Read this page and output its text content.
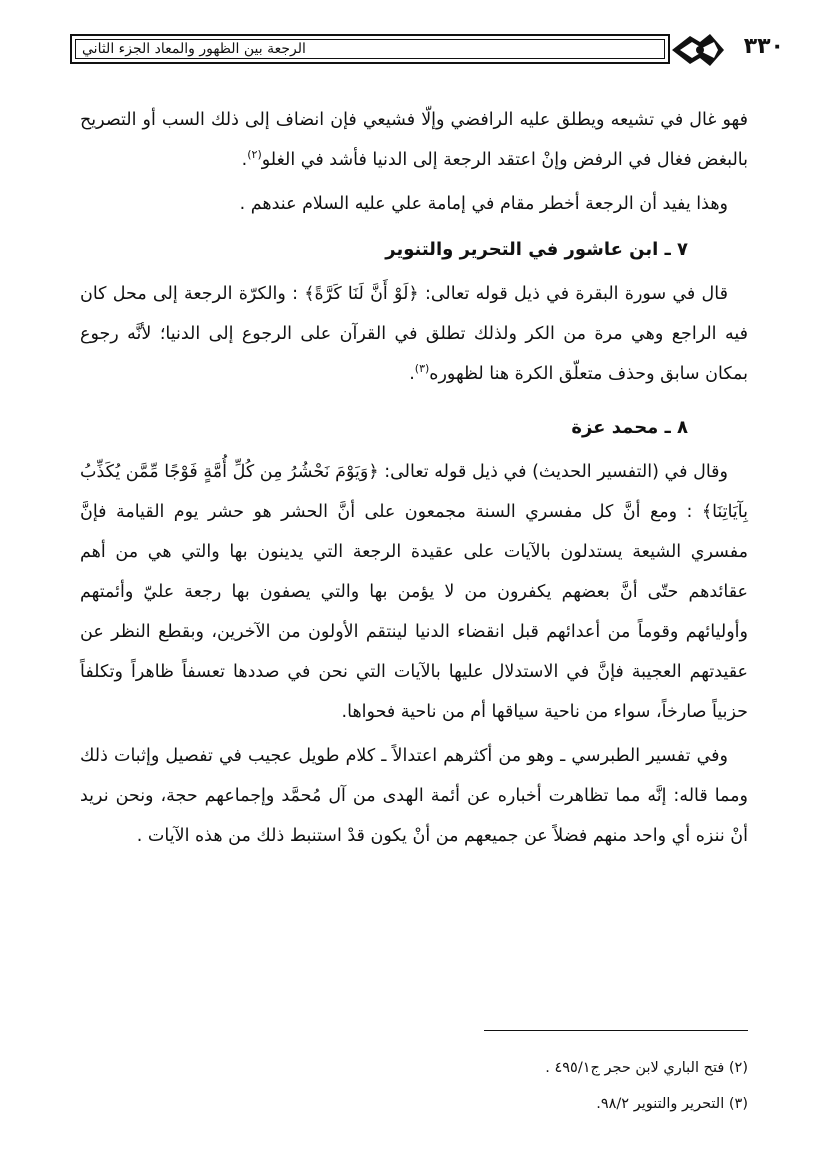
الرجعة بين الظهور والمعاد الجزء الثاني	٣٣٠

فهو غال في تشيعه ويطلق عليه الرافضي وإلّا فشيعي فإن انضاف إلى ذلك السب أو التصريح بالبغض فغال في الرفض وإنْ اعتقد الرجعة إلى الدنيا فأشد في الغلو$^{(٢)}$.

وهذا يفيد أن الرجعة أخطر مقام في إمامة علي عليه السلام عندهم .

٧ ـ ابن عاشور في التحرير والتنوير

قال في سورة البقرة في ذيل قوله تعالى: ﴿لَوْ أَنَّ لَنَا كَرَّةً﴾ : والكرّة الرجعة إلى محل كان فيه الراجع وهي مرة من الكر ولذلك تطلق في القرآن على الرجوع إلى الدنيا؛ لأنَّه رجوع بمكان سابق وحذف متعلّق الكرة هنا لظهوره$^{(٣)}$.

٨ ـ محمد عزة

وقال في (التفسير الحديث) في ذيل قوله تعالى: ﴿وَيَوْمَ نَحْشُرُ مِن كُلِّ أُمَّةٍ فَوْجًا مِّمَّن يُكَذِّبُ بِآيَاتِنَا﴾ : ومع أنَّ كل مفسري السنة مجمعون على أنَّ الحشر هو حشر يوم القيامة فإنَّ مفسري الشيعة يستدلون بالآيات على عقيدة الرجعة التي يدينون بها والتي هي من أهم عقائدهم حتّى أنَّ بعضهم يكفرون من لا يؤمن بها والتي يصفون بها رجعة عليّ وأئمتهم وأوليائهم وقوماً من أعدائهم قبل انقضاء الدنيا لينتقم الأولون من الآخرين، وبقطع النظر عن عقيدتهم العجيبة فإنَّ في الاستدلال عليها بالآيات التي نحن في صددها تعسفاً ظاهراً وتكلفاً حزبياً صارخاً، سواء من ناحية سياقها أم من ناحية فحواها.

وفي تفسير الطبرسي ـ وهو من أكثرهم اعتدالاً ـ كلام طويل عجيب في تفصيل وإثبات ذلك ومما قاله: إنَّه مما تظاهرت أخباره عن أئمة الهدى من آل مُحمَّد وإجماعهم حجة، ونحن نريد أنْ ننزه أي واحد منهم فضلاً عن جميعهم من أنْ يكون قدْ استنبط ذلك من هذه الآيات .

(٢) فتح الباري لابن حجر ج٤٩٥/١ .
(٣) التحرير والتنوير ٩٨/٢.
